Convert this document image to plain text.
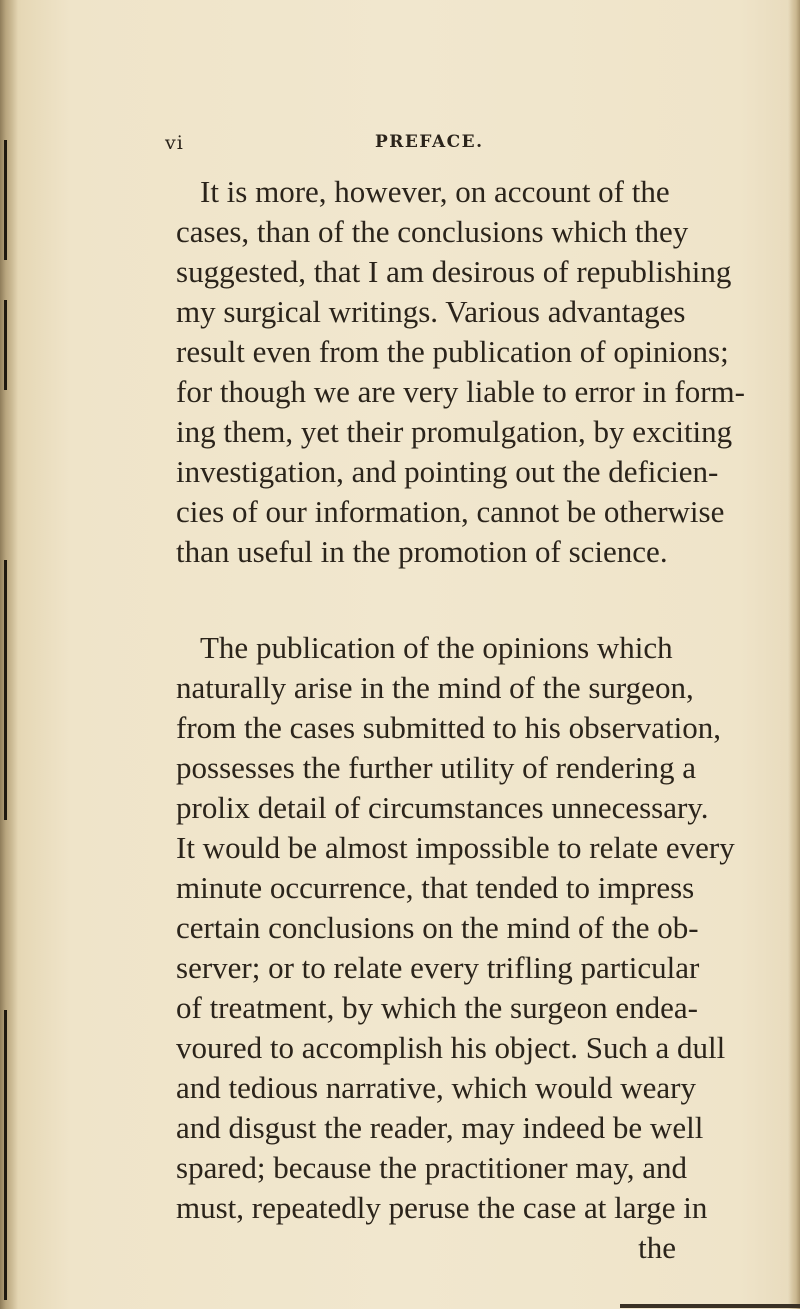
vi	PREFACE.

It is more, however, on account of the
cases, than of the conclusions which they
suggested, that I am desirous of republishing
my surgical writings. Various advantages
result even from the publication of opinions;
for though we are very liable to error in form-
ing them, yet their promulgation, by exciting
investigation, and pointing out the deficien-
cies of our information, cannot be otherwise
than useful in the promotion of science.

The publication of the opinions which
naturally arise in the mind of the surgeon,
from the cases submitted to his observation,
possesses the further utility of rendering a
prolix detail of circumstances unnecessary.
It would be almost impossible to relate every
minute occurrence, that tended to impress
certain conclusions on the mind of the ob-
server; or to relate every trifling particular
of treatment, by which the surgeon endea-
voured to accomplish his object. Such a dull
and tedious narrative, which would weary
and disgust the reader, may indeed be well
spared; because the practitioner may, and
must, repeatedly peruse the case at large in

the
